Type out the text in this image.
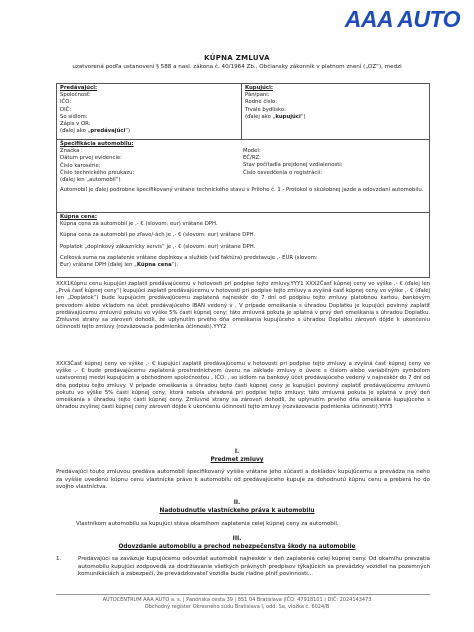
AAA AUTO
KÚPNA ZMLUVA
uzatvorená podľa ustanovení § 588 a nasl. zákona č. 40/1964 Zb., Občiansky zákonník v platnom znení („OZ“), medzi
Predávajúci:
Spoločnosť:
IČO:
DIČ:
So sídlom:
Zápis v OR:
(ďalej ako „predávajúci“)
Kupujúci:
Pán/pani:
Rodné číslo:
Trvalé bydlisko:
(ďalej ako „kupujúci“)
Špecifikácia automobilu:
Značka :
Dátum prvej evidencie:
Číslo karosérie:
Číslo technického preukazu:
(ďalej len „automobil“)
Model:
EČ/RZ:
Stav počítadla prejdenej vzdialenosti:
Číslo osvedčenia o registrácii:
Automobil je ďalej podrobne špecifikovaný vrátane technického stavu v Prílohe č. 1 - Protokol o skúšobnej jazde a odovzdaní automobilu.
Kúpna cena:
Kúpna cena za automobil je ,- € (slovom: eur) vrátane DPH.
Kúpna cena za automobil po zľave/-ách je ,- € (slovom: eur) vrátane DPH.
Poplatok „doplnkový zákaznícky servis“ je ,- € (slovom: eur) vrátane DPH.
Celková suma na zaplatenie vrátane doplnkov a služieb (viď faktúra) predstavuje ,- EUR (slovom:
Eur) vrátane DPH (ďalej len „Kúpna cena“).
XXX1Kúpnu cenu kupujúci zaplatil predávajúcemu v hotovosti pri podpise tejto zmluvy.YYY1 XXX2Časť kúpnej ceny vo výške ,- € (ďalej len „Prvá časť kúpnej ceny“) kupujúci zaplatil predávajúcemu v hotovosti pri podpise tejto zmluvy a zvyšná časť kúpnej ceny vo výške ,- € (ďalej len „Doplatok“) bude kupujúcim predávajúcemu zaplatená najneskôr do 7 dní od podpisu tejto zmluvy platobnou kartou, bankovým prevodom alebo vkladom na účet predávajúceho IBAN vedený v . V prípade omeškania s úhradou Doplatku je kupujúci povinný zaplatiť predávajúcemu zmluvnú pokutu vo výške 5% časti kúpnej ceny; táto zmluvná pokuta je splatná v prvý deň omeškania s úhradou Doplatku. Zmluvné strany sa zároveň dohodli, že uplynutím prvého dňa omeškania kupujúceho s úhradou Doplatku zároveň dôjde k ukončeniu účinnosti tejto zmluvy (rozväzovacia podmienka účinnosti).YYY2
XXX3Časť kúpnej ceny vo výške ,- € kupujúci zaplatil predávajúcemu v hotovosti pri podpise tejto zmluvy a zvyšná časť kúpnej ceny vo výške ,- € bude predávajúcemu zaplatená prostredníctvom úveru na základe zmluvy o úvere s číslom alebo variabilným symbolom uzatvorenej medzi kupujúcim a obchodnom spoločnosťou , IČO: , so sídlom na bankový účet predávajúceho vedený v najneskôr do 7 dní od dňa podpisu tejto zmluvy. V prípade omeškania s úhradou tejto časti kúpnej ceny je kupujúci povinný zaplatiť predávajúcemu zmluvnú pokutu vo výške 5% časti kúpnej ceny, ktorá nebola uhradená pri podpise tejto zmluvy; táto zmluvná pokuta je splatná v prvý deň omeškania s úhradou tejto časti kúpnej ceny. Zmluvné strany sa zároveň dohodli, že uplynutím prvého dňa omeškania kupujúceho s úhradou zvyšnej časti kúpnej ceny zároveň dôjde k ukončeniu účinnosti tejto zmluvy (rozväzovacia podmienka účinnosti).YYY3
I.
Predmet zmluvy
Predávajúci touto zmluvou predáva automobil špecifikovaný vyššie vrátane jeho súčastí a dokladov kupujúcemu a prevádza na neho za vyššie uvedenú kúpnu cenu vlastnícke právo k automobilu od predávajúceho kupuje za dohodnutú kúpnu cenu a preberá ho do svojho vlastníctva.
II.
Nadobudnutie vlastníckeho práva k automobilu
Vlastníkom automobilu sa kupujúci stáva okamihom zaplatenia celej kúpnej ceny za automobil.
III.
Odovzdanie automobilu a prechod nebezpečenstva škody na automobile
1.	Predávajúci sa zaväzuje kupujúcemu odovzdať automobil najneskôr v deň zaplatenia celej kúpnej ceny. Od okamihu prevzatia automobilu kupujúci zodpovedá za dodržiavanie všetkých právnych predpisov týkajúcich sa prevádzky vozidiel na pozemných komunikáciách a zabezpečí, že prevádzkovateľ vozidla bude riadne plniť povinnosti...
AUTOCENTRUM AAA AUTO a. s. | Panónska cesta 39 | 851 04 Bratislava |IČO: 47918101 | DIČ: 2024143473
Obchodný register Okresného súdu Bratislava I, odd. Sa, vložka č. 6024/B
